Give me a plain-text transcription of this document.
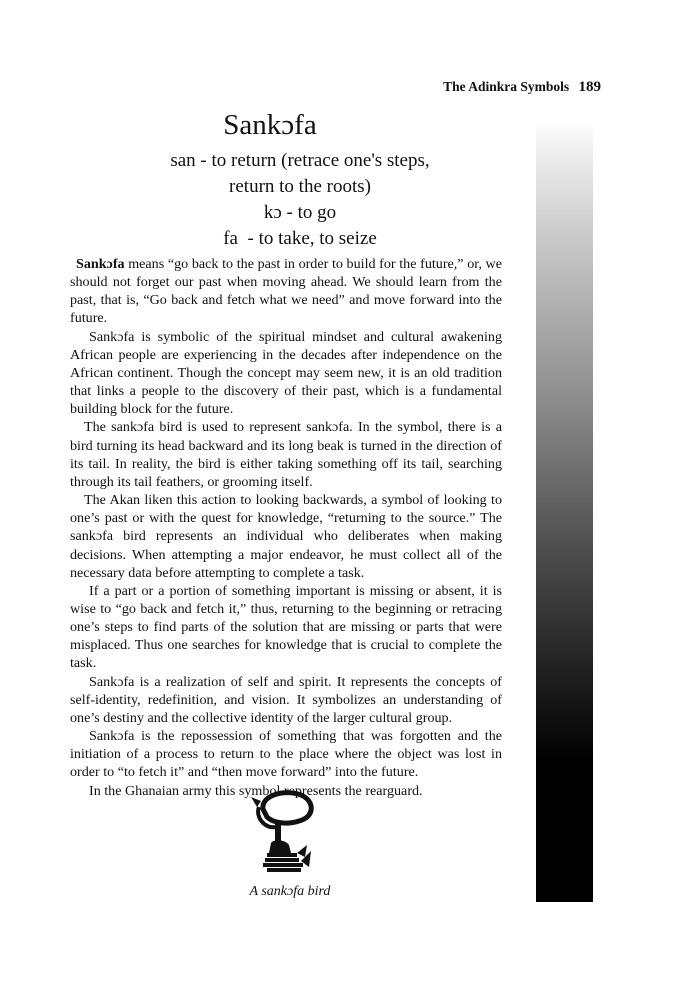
The Adinkra Symbols 189
Sankɔfa
san - to return (retrace one's steps,
return to the roots)
kɔ - to go
fa  - to take, to seize

Sankɔfa means “go back to the past in order to build for the future,” or, we should not forget our past when moving ahead. We should learn from the past, that is, “Go back and fetch what we need” and move forward into the future.

Sankɔfa is symbolic of the spiritual mindset and cultural awakening African people are experiencing in the decades after independence on the African continent. Though the concept may seem new, it is an old tradition that links a people to the discovery of their past, which is a fundamental building block for the future.

The sankɔfa bird is used to represent sankɔfa. In the symbol, there is a bird turning its head backward and its long beak is turned in the direction of its tail. In reality, the bird is either taking something off its tail, searching through its tail feathers, or grooming itself.

The Akan liken this action to looking backwards, a symbol of looking to one’s past or with the quest for knowledge, “returning to the source.” The sankɔfa bird represents an individual who deliberates when making decisions. When attempting a major endeavor, he must collect all of the necessary data before attempting to complete a task.

If a part or a portion of something important is missing or absent, it is wise to “go back and fetch it,” thus, returning to the beginning or retracing one’s steps to find parts of the solution that are missing or parts that were misplaced. Thus one searches for knowledge that is crucial to complete the task.

Sankɔfa is a realization of self and spirit. It represents the concepts of self-identity, redefinition, and vision. It symbolizes an understanding of one’s destiny and the collective identity of the larger cultural group.

Sankɔfa is the repossession of something that was forgotten and the initiation of a process to return to the place where the object was lost in order to “to fetch it” and “then move forward” into the future.

In the Ghanaian army this symbol represents the rearguard.

A sankɔfa bird
